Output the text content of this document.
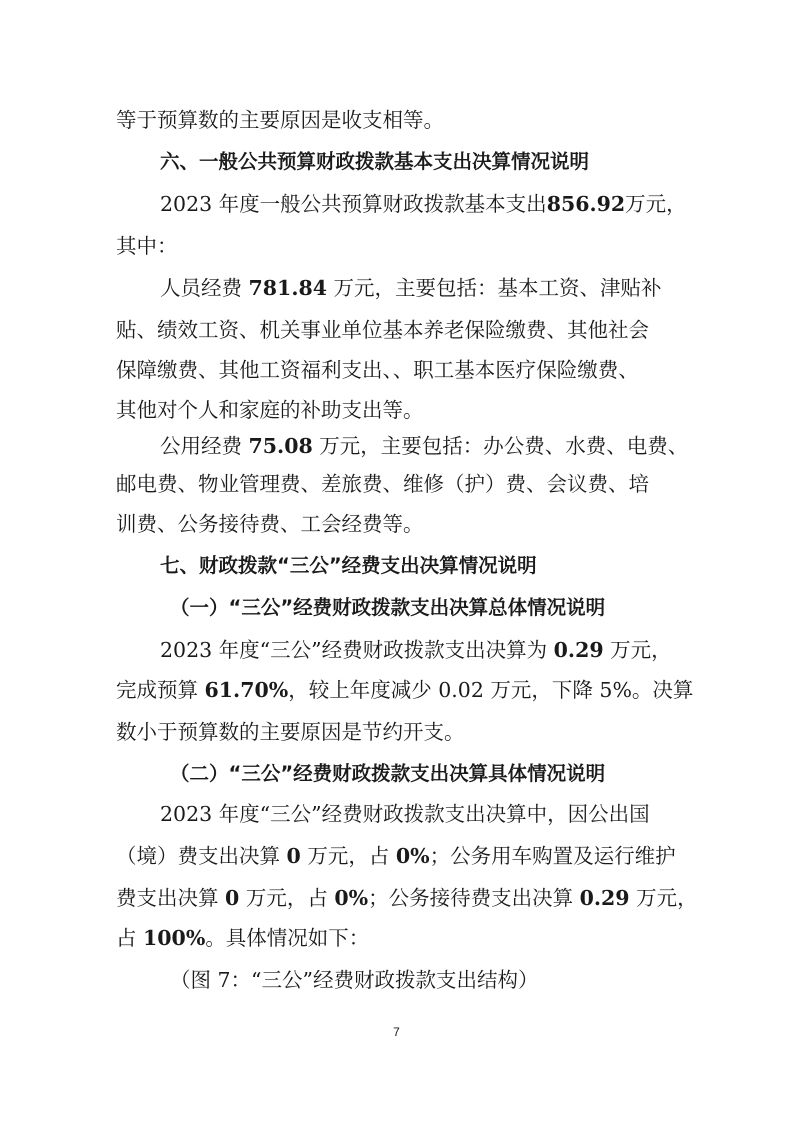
等于预算数的主要原因是收支相等。

六、一般公共预算财政拨款基本支出决算情况说明

2023 年度一般公共预算财政拨款基本支出856.92万元，

其中：

人员经费 781.84 万元，主要包括：基本工资、津贴补

贴、绩效工资、机关事业单位基本养老保险缴费、其他社会

保障缴费、其他工资福利支出、、职工基本医疗保险缴费、

其他对个人和家庭的补助支出等。

公用经费 75.08 万元，主要包括：办公费、水费、电费、

邮电费、物业管理费、差旅费、维修（护）费、会议费、培

训费、公务接待费、工会经费等。

七、财政拨款“三公”经费支出决算情况说明

（一）“三公”经费财政拨款支出决算总体情况说明

2023 年度“三公”经费财政拨款支出决算为 0.29 万元，

完成预算 61.70%，较上年度减少 0.02 万元，下降 5%。决算

数小于预算数的主要原因是节约开支。

（二）“三公”经费财政拨款支出决算具体情况说明

2023 年度“三公”经费财政拨款支出决算中，因公出国

（境）费支出决算 0 万元，占 0%；公务用车购置及运行维护

费支出决算 0 万元，占 0%；公务接待费支出决算 0.29 万元，

占 100%。具体情况如下：

（图 7：“三公”经费财政拨款支出结构）

7
